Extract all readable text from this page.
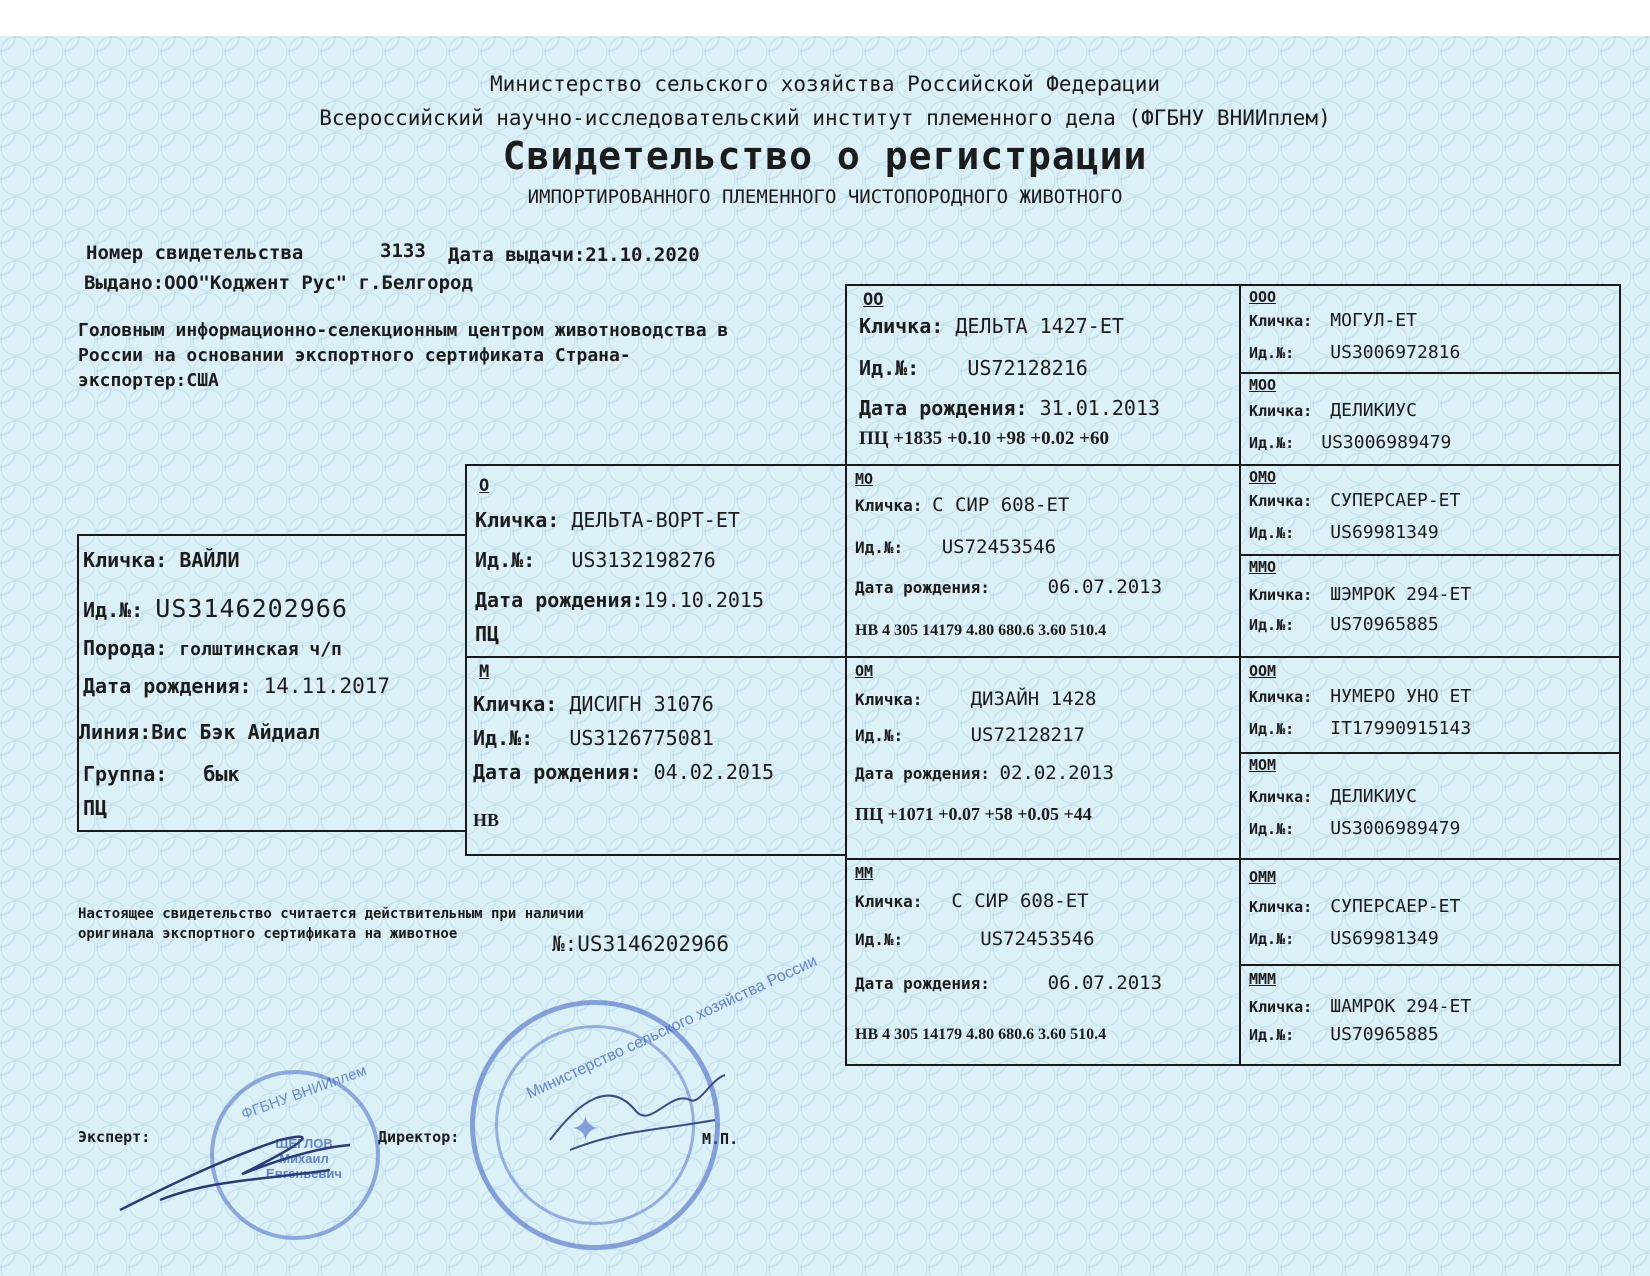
Министерство сельского хозяйства Российской Федерации
Всероссийский научно-исследовательский институт племенного дела (ФГБНУ ВНИИплем)
Свидетельство о регистрации
ИМПОРТИРОВАННОГО ПЛЕМЕННОГО ЧИСТОПОРОДНОГО ЖИВОТНОГО
Номер свидетельства	3133 Дата выдачи:21.10.2020
Выдано:ООО"Коджент Рус" г.Белгород
Головным информационно-селекционным центром животноводства в России на основании экспортного сертификата Страна-экспортер:США
Кличка: ВАЙЛИ
Ид.№: US3146202966
Порода: голштинская ч/п
Дата рождения: 14.11.2017
Линия:Вис Бэк Айдиал
Группа: бык
ПЦ
О
Кличка: ДЕЛЬТА-ВОРТ-ЕТ
Ид.№: US3132198276
Дата рождения:19.10.2015
ПЦ
М
Кличка: ДИСИГН 31076
Ид.№: US3126775081
Дата рождения: 04.02.2015
НВ
ОО
Кличка: ДЕЛЬТА 1427-ЕТ
Ид.№: US72128216
Дата рождения: 31.01.2013
ПЦ +1835 +0.10 +98 +0.02 +60
МО
Кличка: С СИР 608-ЕТ
Ид.№: US72453546
Дата рождения:	06.07.2013
НВ 4 305 14179 4.80 680.6 3.60 510.4
ОМ
Кличка:	ДИЗАЙН 1428
Ид.№:	US72128217
Дата рождения: 02.02.2013
ПЦ +1071 +0.07 +58 +0.05 +44
ММ
Кличка: С СИР 608-ЕТ
Ид.№:	US72453546
Дата рождения:	06.07.2013
НВ 4 305 14179 4.80 680.6 3.60 510.4
ООО
Кличка: МОГУЛ-ЕТ
Ид.№: US3006972816
МОО
Кличка: ДЕЛИКИУС
Ид.№: US3006989479
ОМО
Кличка: СУПЕРСАЕР-ЕТ
Ид.№: US69981349
ММО
Кличка: ШЭМРОК 294-ЕТ
Ид.№: US70965885
ООМ
Кличка: НУМЕРО УНО ЕТ
Ид.№: IT17990915143
МОМ
Кличка: ДЕЛИКИУС
Ид.№: US3006989479
ОММ
Кличка: СУПЕРСАЕР-ЕТ
Ид.№: US69981349
МММ
Кличка: ШАМРОК 294-ЕТ
Ид.№: US70965885
Настоящее свидетельство считается действительным при наличии
оригинала экспортного сертификата на животное	№:US3146202966
Эксперт:	Директор:	М.П.
ФГБНУ ВНИИплем
ЩЕГЛОВ Михаил Евгеньевич
Министерство сельского хозяйства России
✦
